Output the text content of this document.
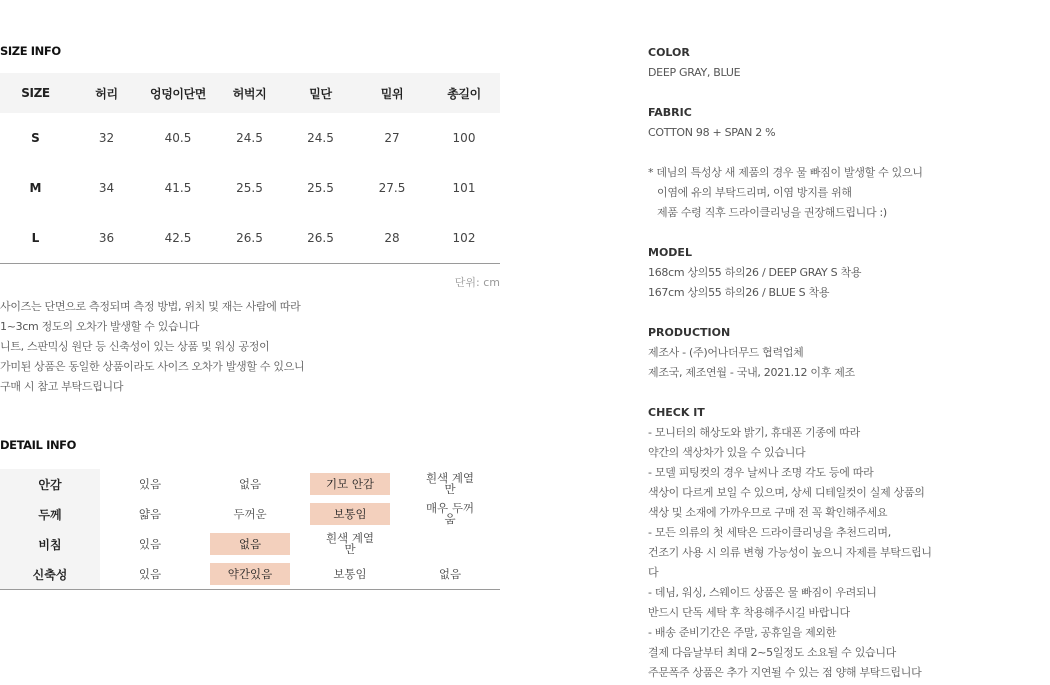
SIZE INFO
SIZE	허리	엉덩이단면	허벅지	밑단	밑위	총길이
S	32	40.5	24.5	24.5	27	100
M	34	41.5	25.5	25.5	27.5	101
L	36	42.5	26.5	26.5	28	102
단위: cm
사이즈는 단면으로 측정되며 측정 방법, 위치 및 재는 사람에 따라
1~3cm 정도의 오차가 발생할 수 있습니다
니트, 스판믹싱 원단 등 신축성이 있는 상품 및 워싱 공정이
가미된 상품은 동일한 상품이라도 사이즈 오차가 발생할 수 있으니
구매 시 참고 부탁드립니다
DETAIL INFO
안감	있음	없음	기모 안감	흰색 계열만
두께	얇음	두꺼운	보통임	매우 두꺼움
비침	있음	없음	흰색 계열만	
신축성	있음	약간있음	보통임	없음
COLOR
DEEP GRAY, BLUE
FABRIC
COTTON 98 + SPAN 2 %
* 데님의 특성상 새 제품의 경우 물 빠짐이 발생할 수 있으니
이염에 유의 부탁드리며, 이염 방지를 위해
제품 수령 직후 드라이클리닝을 권장해드립니다 :)
MODEL
168cm 상의55 하의26 / DEEP GRAY S 착용
167cm 상의55 하의26 / BLUE S 착용
PRODUCTION
제조사 - (주)어나더무드 협력업체
제조국, 제조연월 - 국내, 2021.12 이후 제조
CHECK IT
- 모니터의 해상도와 밝기, 휴대폰 기종에 따라
약간의 색상차가 있을 수 있습니다
- 모델 피팅컷의 경우 날씨나 조명 각도 등에 따라
색상이 다르게 보일 수 있으며, 상세 디테일컷이 실제 상품의
색상 및 소재에 가까우므로 구매 전 꼭 확인해주세요
- 모든 의류의 첫 세탁은 드라이클리닝을 추천드리며,
건조기 사용 시 의류 변형 가능성이 높으니 자제를 부탁드립니
다
- 데님, 워싱, 스웨이드 상품은 물 빠짐이 우려되니
반드시 단독 세탁 후 착용해주시길 바랍니다
- 배송 준비기간은 주말, 공휴일을 제외한
결제 다음날부터 최대 2~5일정도 소요될 수 있습니다
주문폭주 상품은 추가 지연될 수 있는 점 양해 부탁드립니다
